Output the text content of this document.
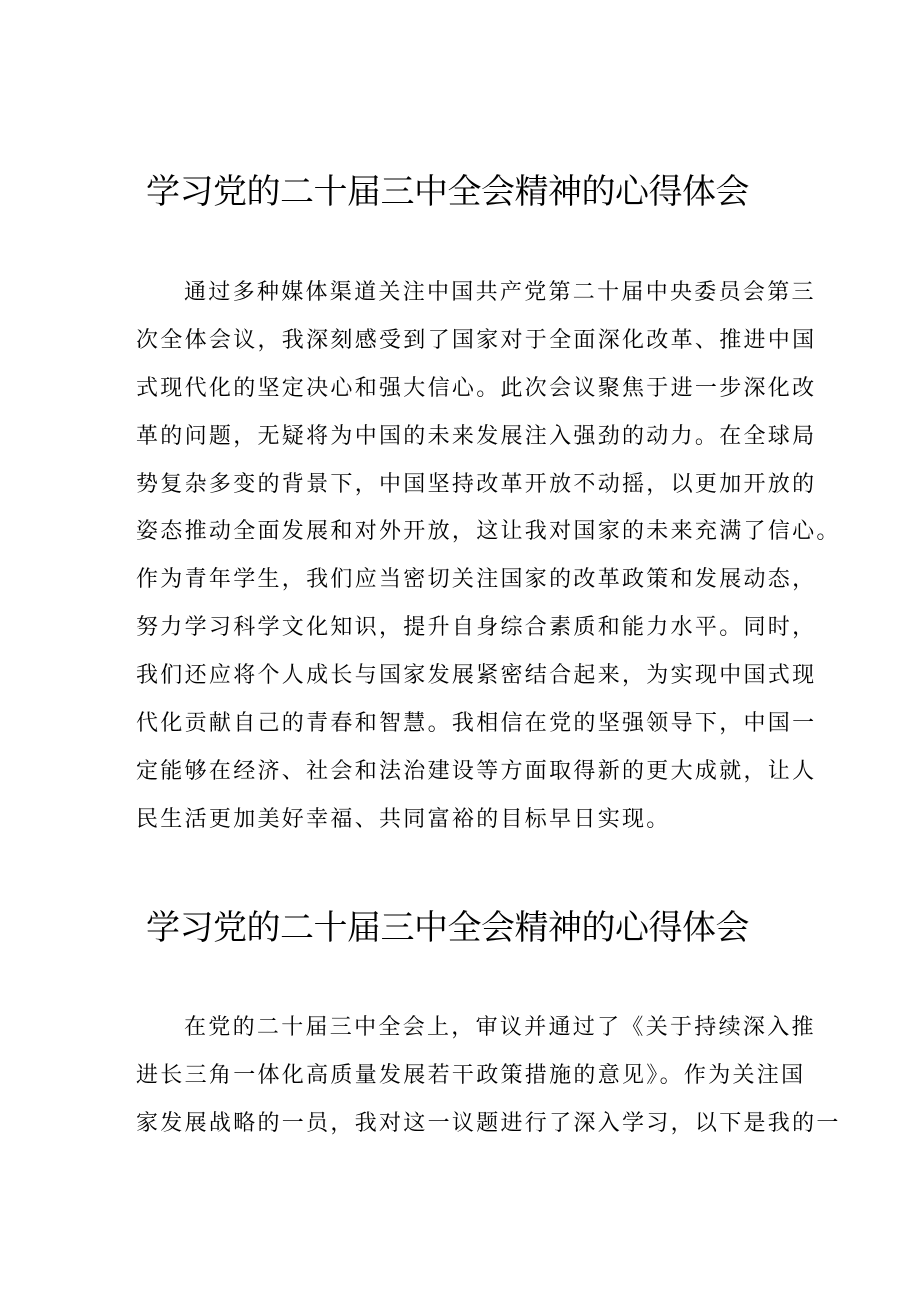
学习党的二十届三中全会精神的心得体会
通过多种媒体渠道关注中国共产党第二十届中央委员会第三
次全体会议，我深刻感受到了国家对于全面深化改革、推进中国
式现代化的坚定决心和强大信心。此次会议聚焦于进一步深化改
革的问题，无疑将为中国的未来发展注入强劲的动力。在全球局
势复杂多变的背景下，中国坚持改革开放不动摇，以更加开放的
姿态推动全面发展和对外开放，这让我对国家的未来充满了信心。
作为青年学生，我们应当密切关注国家的改革政策和发展动态，
努力学习科学文化知识，提升自身综合素质和能力水平。同时，
我们还应将个人成长与国家发展紧密结合起来，为实现中国式现
代化贡献自己的青春和智慧。我相信在党的坚强领导下，中国一
定能够在经济、社会和法治建设等方面取得新的更大成就，让人
民生活更加美好幸福、共同富裕的目标早日实现。
学习党的二十届三中全会精神的心得体会
在党的二十届三中全会上，审议并通过了《关于持续深入推
进长三角一体化高质量发展若干政策措施的意见》。作为关注国
家发展战略的一员，我对这一议题进行了深入学习，以下是我的一
